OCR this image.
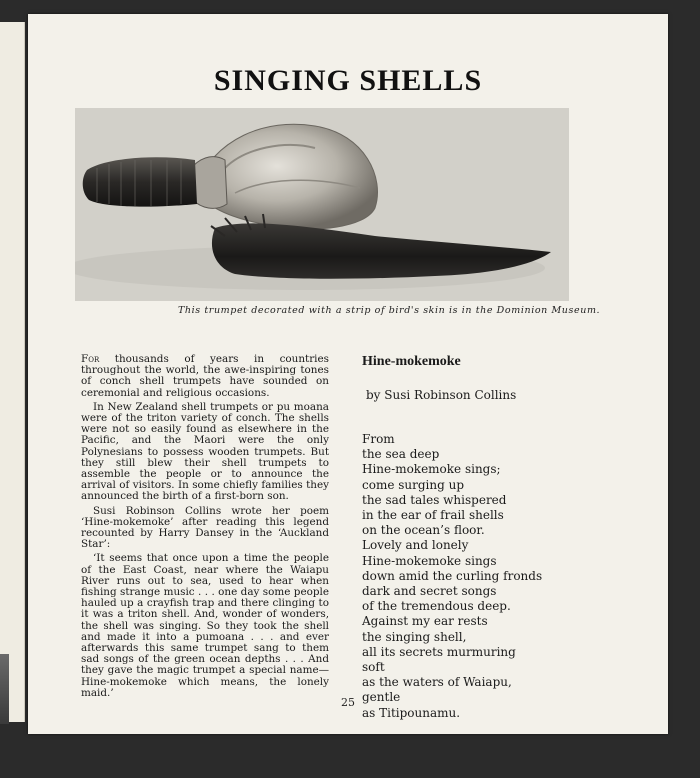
SINGING SHELLS
This trumpet decorated with a strip of bird's skin is in the Dominion Museum.

For thousands of years in countries throughout the world, the awe-inspiring tones of conch shell trumpets have sounded on ceremonial and religious occasions.

In New Zealand shell trumpets or pu moana were of the triton variety of conch. The shells were not so easily found as elsewhere in the Pacific, and the Maori were the only Polynesians to possess wooden trumpets. But they still blew their shell trumpets to assemble the people or to announce the arrival of visitors. In some chiefly families they announced the birth of a first-born son.

Susi Robinson Collins wrote her poem ‘Hine-mokemoke’ after reading this legend recounted by Harry Dansey in the ‘Auckland Star’:

‘It seems that once upon a time the people of the East Coast, near where the Waiapu River runs out to sea, used to hear when fishing strange music . . . one day some people hauled up a crayfish trap and there clinging to it was a triton shell. And, wonder of wonders, the shell was singing. So they took the shell and made it into a pumoana . . . and ever afterwards this same trumpet sang to them sad songs of the green ocean depths . . . And they gave the magic trumpet a special name—Hine-mokemoke which means, the lonely maid.’

Hine-mokemoke
by Susi Robinson Collins
From
the sea deep
Hine-mokemoke sings;
come surging up
the sad tales whispered
in the ear of frail shells
on the ocean’s floor.
Lovely and lonely
Hine-mokemoke sings
down amid the curling fronds
dark and secret songs
of the tremendous deep.
Against my ear rests
the singing shell,
all its secrets murmuring
soft
as the waters of Waiapu,
gentle
as Titipounamu.
25
